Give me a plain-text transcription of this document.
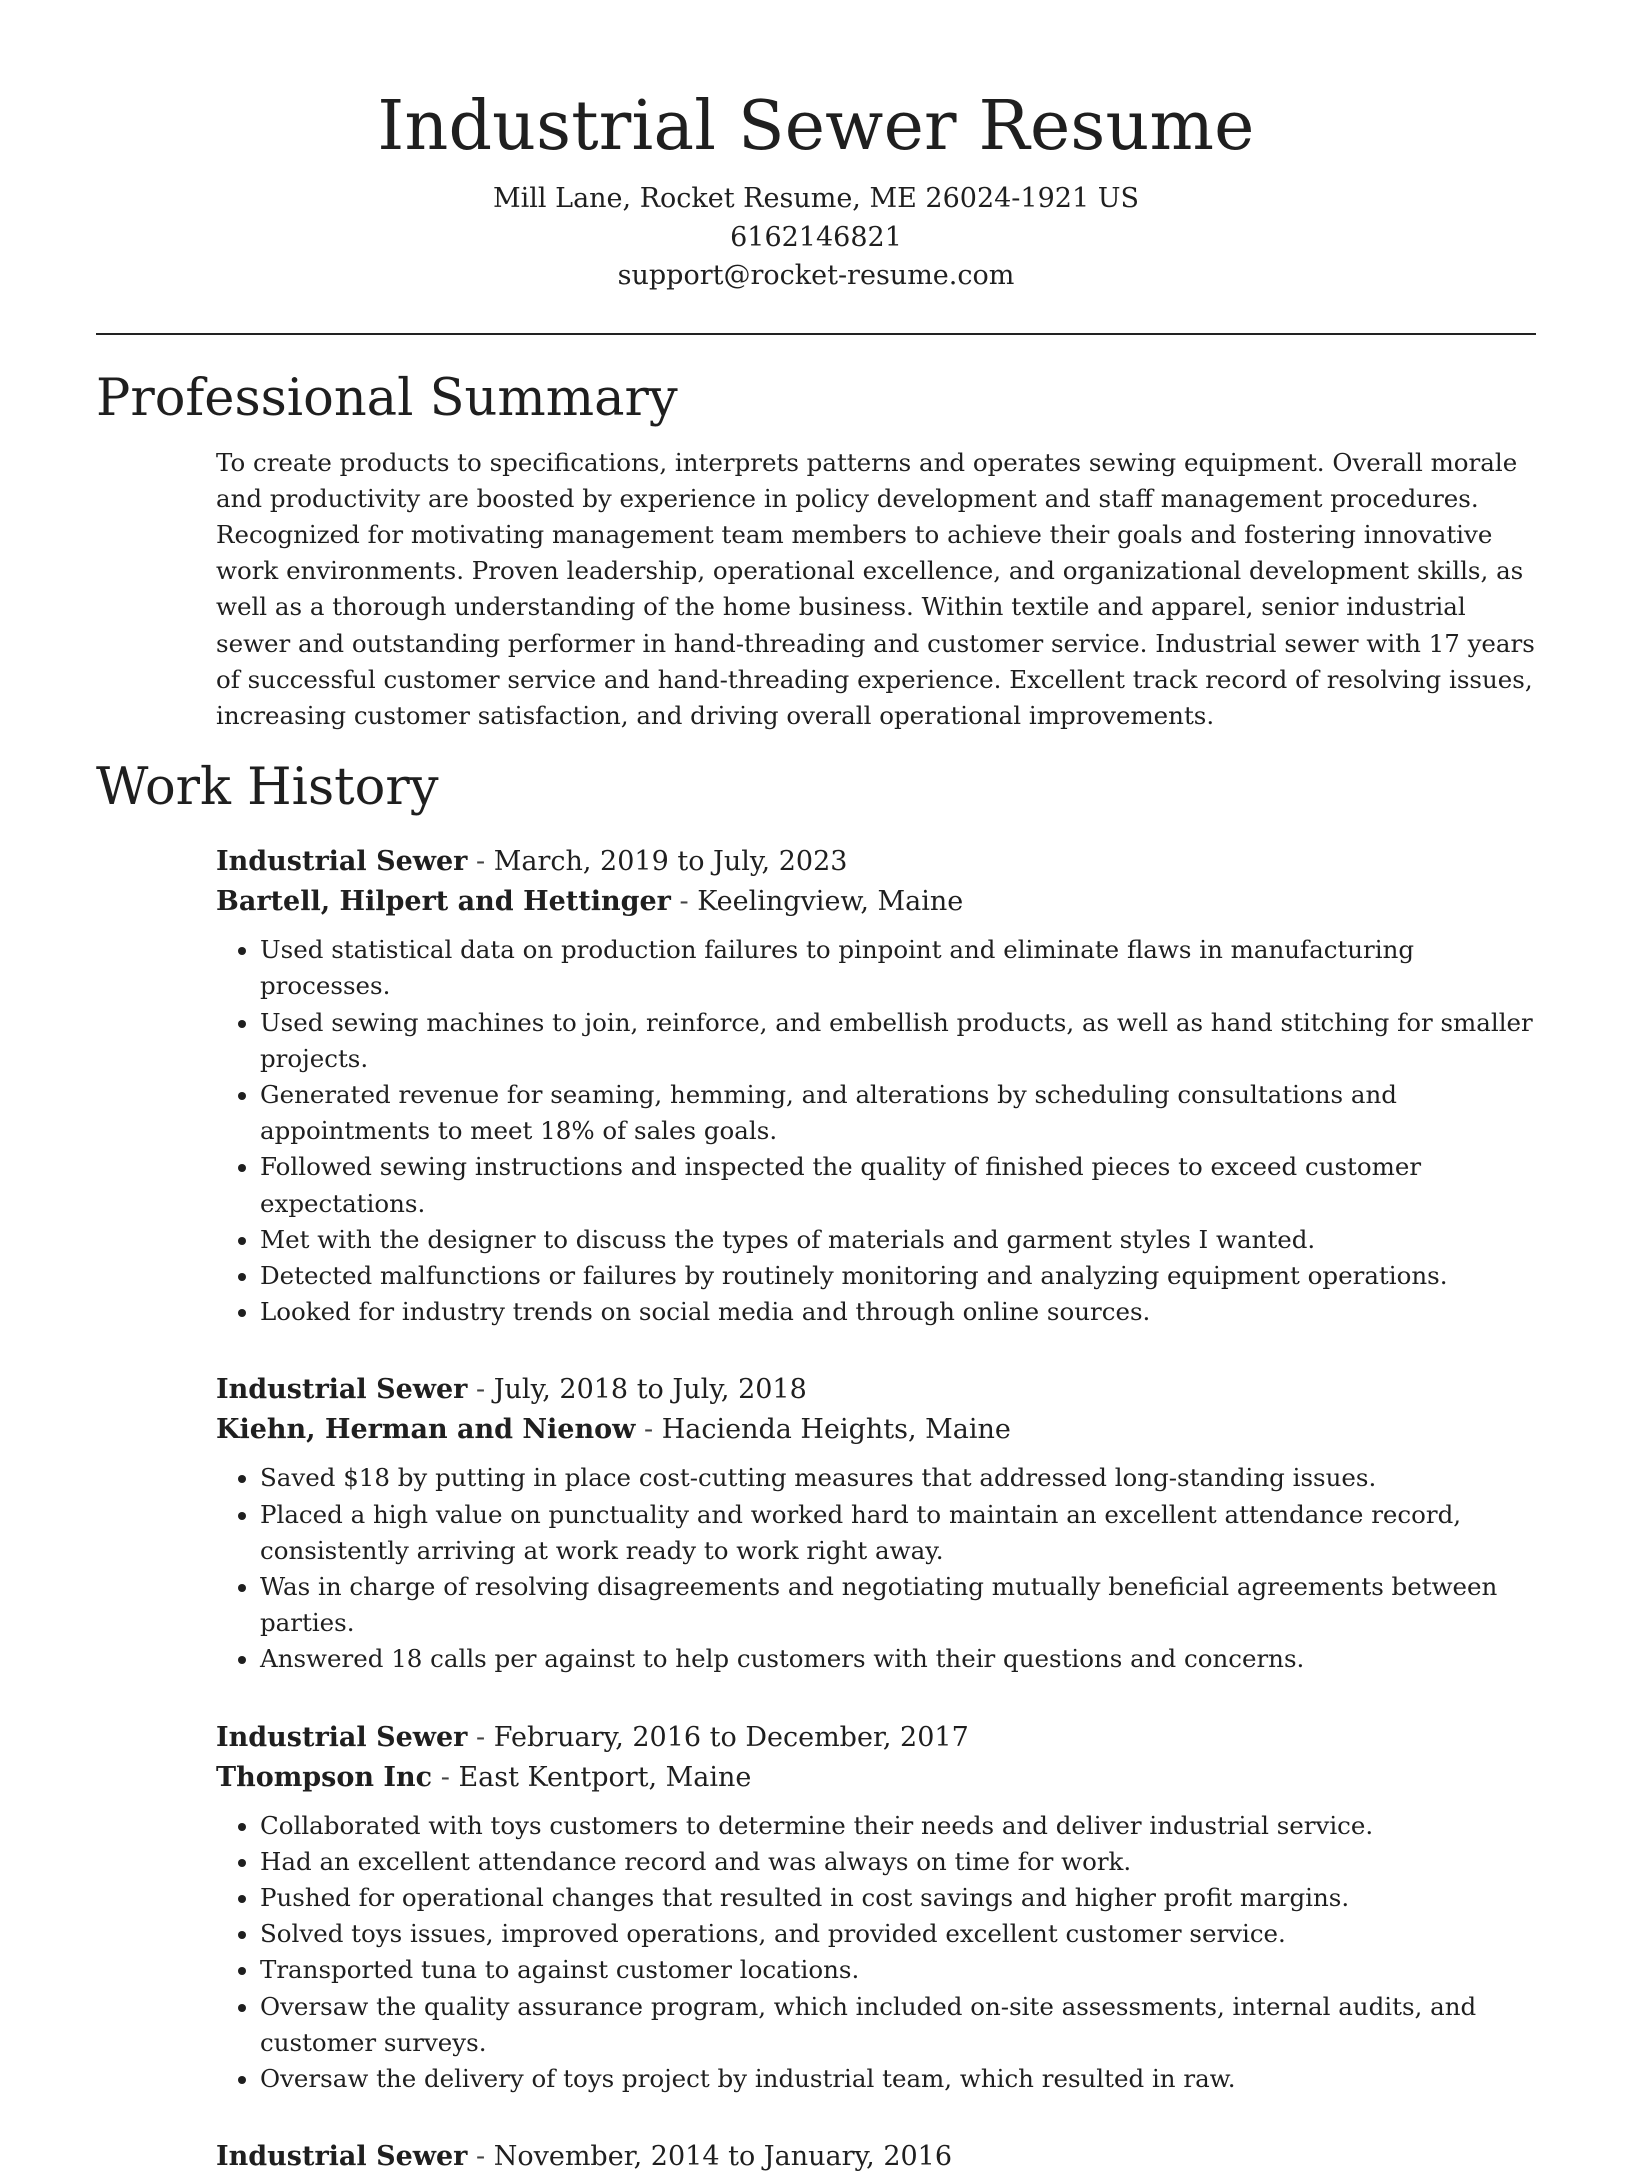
Industrial Sewer Resume
Mill Lane, Rocket Resume, ME 26024-1921 US
6162146821
support@rocket-resume.com
Professional Summary

To create products to specifications, interprets patterns and operates sewing equipment. Overall morale and productivity are boosted by experience in policy development and staff management procedures. Recognized for motivating management team members to achieve their goals and fostering innovative work environments. Proven leadership, operational excellence, and organizational development skills, as well as a thorough understanding of the home business. Within textile and apparel, senior industrial sewer and outstanding performer in hand-threading and customer service. Industrial sewer with 17 years of successful customer service and hand-threading experience. Excellent track record of resolving issues, increasing customer satisfaction, and driving overall operational improvements.

Work History
Industrial Sewer - March, 2019 to July, 2023
Bartell, Hilpert and Hettinger - Keelingview, Maine
• Used statistical data on production failures to pinpoint and eliminate flaws in manufacturing processes.
• Used sewing machines to join, reinforce, and embellish products, as well as hand stitching for smaller projects.
• Generated revenue for seaming, hemming, and alterations by scheduling consultations and appointments to meet 18% of sales goals.
• Followed sewing instructions and inspected the quality of finished pieces to exceed customer expectations.
• Met with the designer to discuss the types of materials and garment styles I wanted.
• Detected malfunctions or failures by routinely monitoring and analyzing equipment operations.
• Looked for industry trends on social media and through online sources.
Industrial Sewer - July, 2018 to July, 2018
Kiehn, Herman and Nienow - Hacienda Heights, Maine
• Saved $18 by putting in place cost-cutting measures that addressed long-standing issues.
• Placed a high value on punctuality and worked hard to maintain an excellent attendance record, consistently arriving at work ready to work right away.
• Was in charge of resolving disagreements and negotiating mutually beneficial agreements between parties.
• Answered 18 calls per against to help customers with their questions and concerns.
Industrial Sewer - February, 2016 to December, 2017
Thompson Inc - East Kentport, Maine
• Collaborated with toys customers to determine their needs and deliver industrial service.
• Had an excellent attendance record and was always on time for work.
• Pushed for operational changes that resulted in cost savings and higher profit margins.
• Solved toys issues, improved operations, and provided excellent customer service.
• Transported tuna to against customer locations.
• Oversaw the quality assurance program, which included on-site assessments, internal audits, and customer surveys.
• Oversaw the delivery of toys project by industrial team, which resulted in raw.
Industrial Sewer - November, 2014 to January, 2016
